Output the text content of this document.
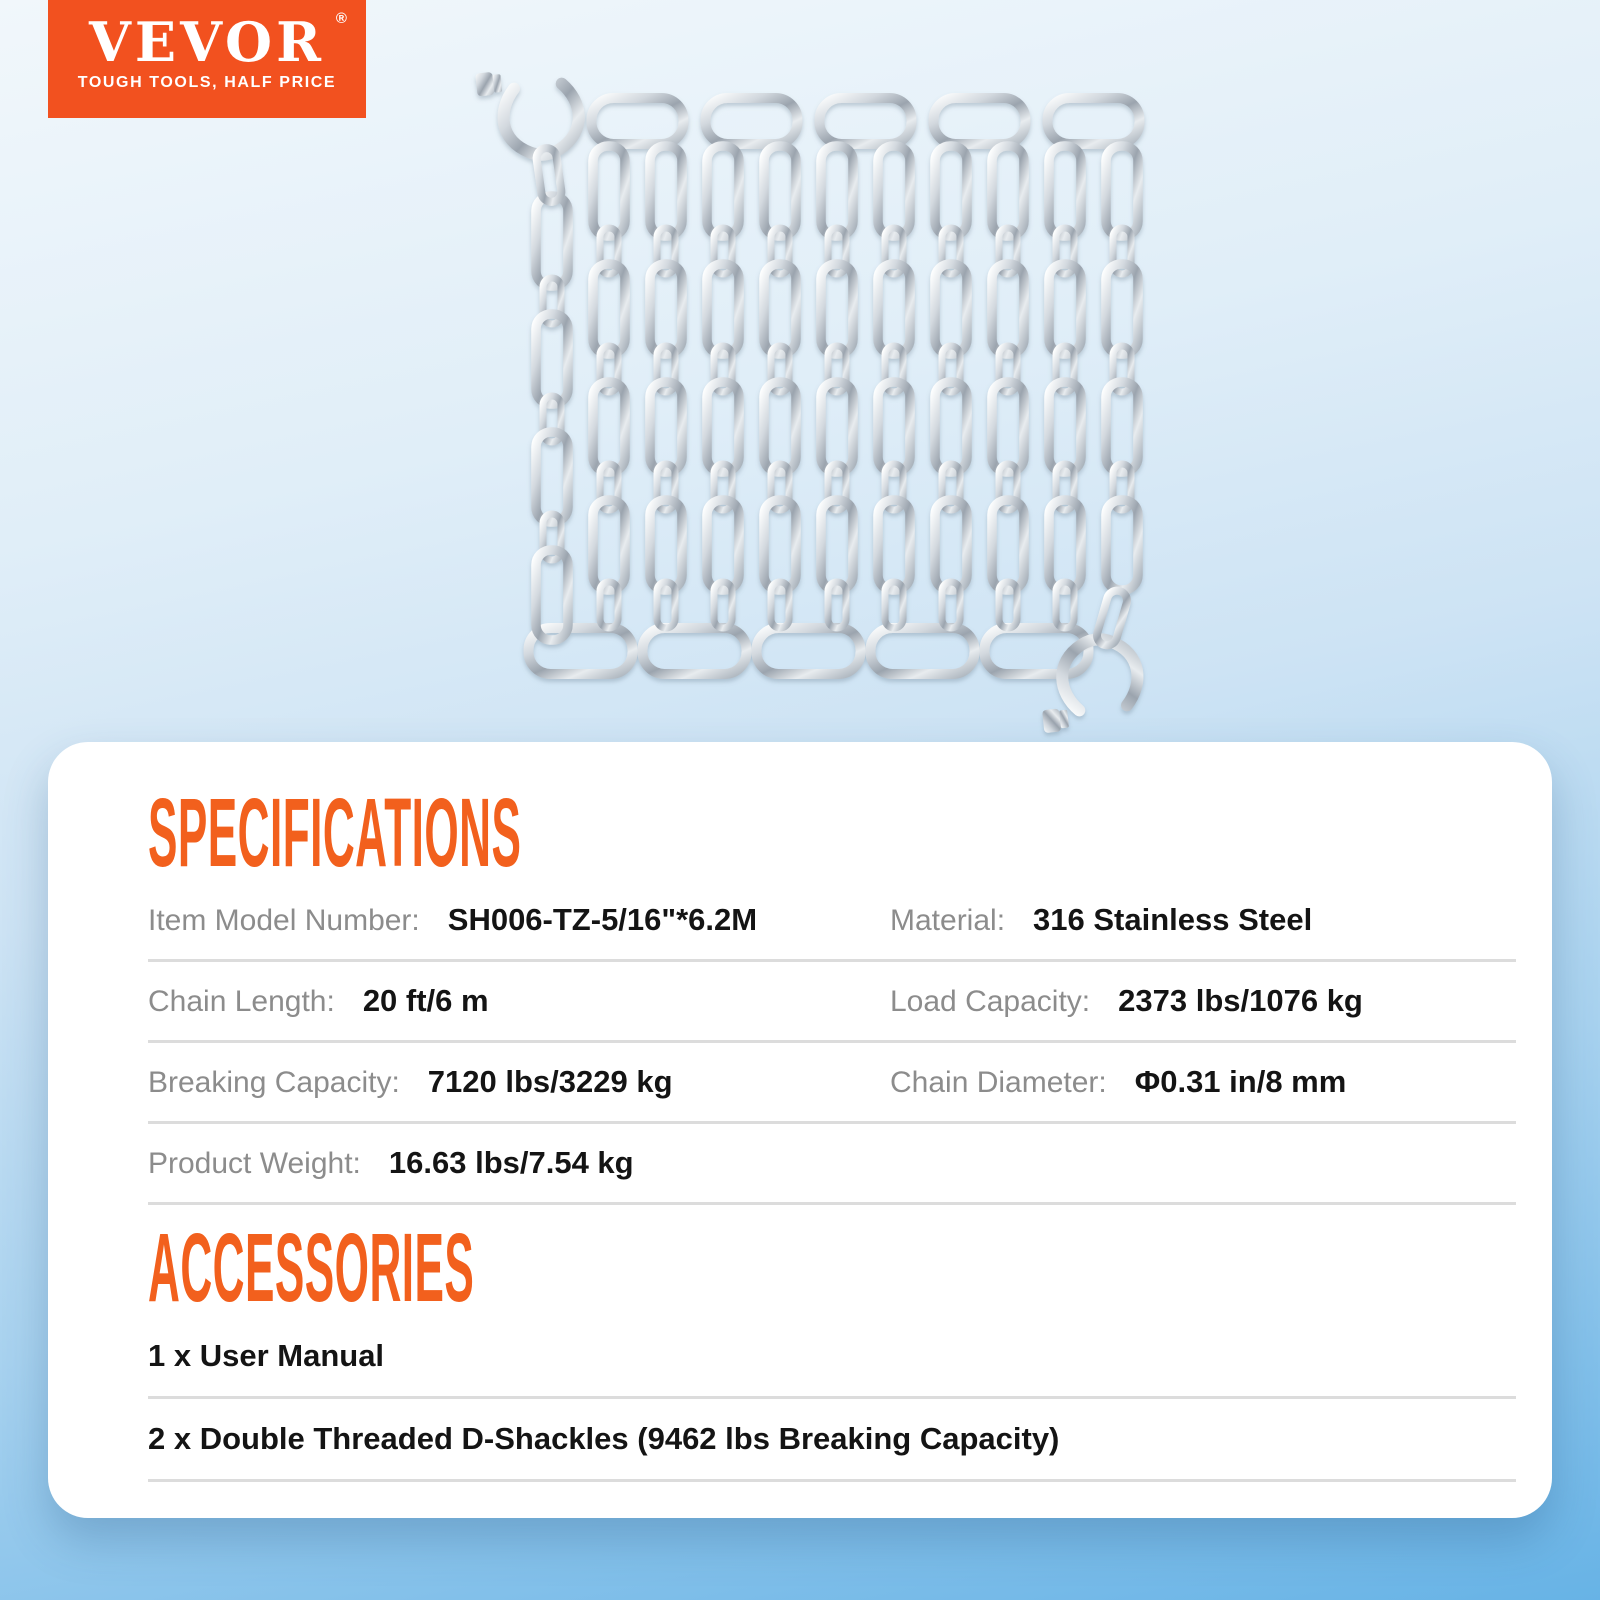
VEVOR ®
TOUGH TOOLS, HALF PRICE
SPECIFICATIONS
Item Model Number: SH006-TZ-5/16"*6.2M	Material: 316 Stainless Steel
Chain Length: 20 ft/6 m	Load Capacity: 2373 lbs/1076 kg
Breaking Capacity: 7120 lbs/3229 kg	Chain Diameter: Φ0.31 in/8 mm
Product Weight: 16.63 lbs/7.54 kg
ACCESSORIES
1 x User Manual
2 x Double Threaded D-Shackles (9462 lbs Breaking Capacity)
